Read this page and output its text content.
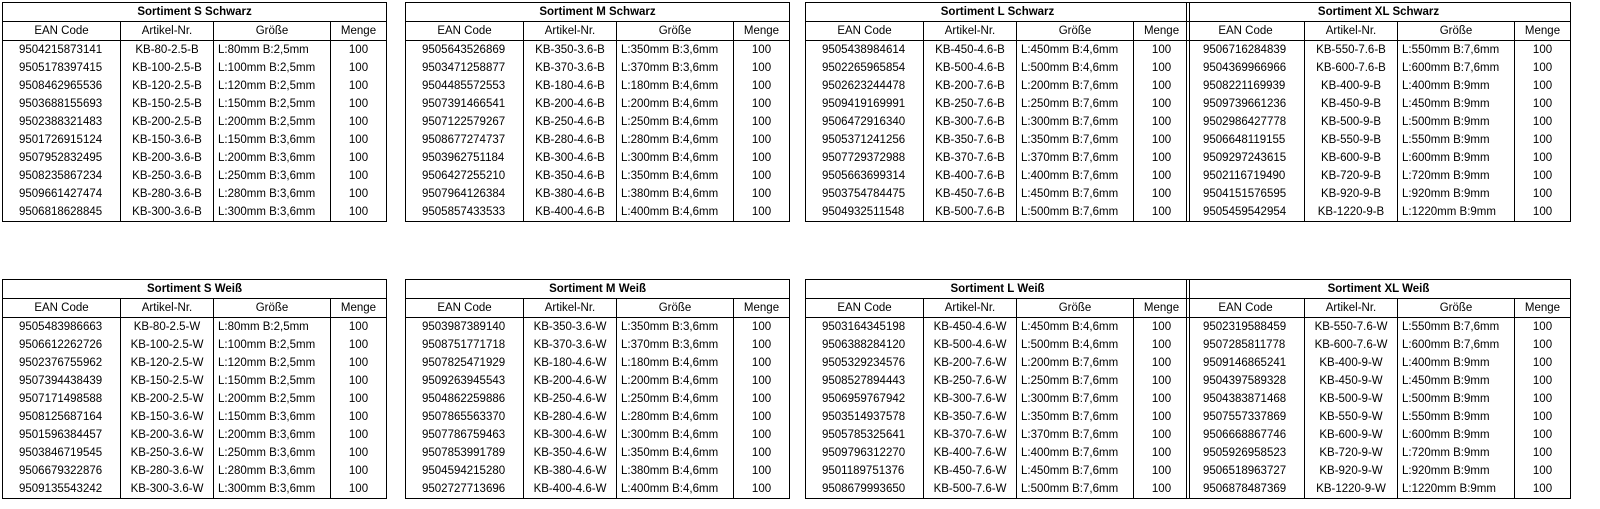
Sortiment S Schwarz			
EAN Code	Artikel-Nr.	Größe	Menge
9504215873141	KB-80-2.5-B	L:80mm B:2,5mm	100
9505178397415	KB-100-2.5-B	L:100mm B:2,5mm	100
9508462965536	KB-120-2.5-B	L:120mm B:2,5mm	100
9503688155693	KB-150-2.5-B	L:150mm B:2,5mm	100
9502388321483	KB-200-2.5-B	L:200mm B:2,5mm	100
9501726915124	KB-150-3.6-B	L:150mm B:3,6mm	100
9507952832495	KB-200-3.6-B	L:200mm B:3,6mm	100
9508235867234	KB-250-3.6-B	L:250mm B:3,6mm	100
9509661427474	KB-280-3.6-B	L:280mm B:3,6mm	100
9506818628845	KB-300-3.6-B	L:300mm B:3,6mm	100
Sortiment M Schwarz			
EAN Code	Artikel-Nr.	Größe	Menge
9505643526869	KB-350-3.6-B	L:350mm B:3,6mm	100
9503471258877	KB-370-3.6-B	L:370mm B:3,6mm	100
9504485572553	KB-180-4.6-B	L:180mm B:4,6mm	100
9507391466541	KB-200-4.6-B	L:200mm B:4,6mm	100
9507122579267	KB-250-4.6-B	L:250mm B:4,6mm	100
9508677274737	KB-280-4.6-B	L:280mm B:4,6mm	100
9503962751184	KB-300-4.6-B	L:300mm B:4,6mm	100
9506427255210	KB-350-4.6-B	L:350mm B:4,6mm	100
9507964126384	KB-380-4.6-B	L:380mm B:4,6mm	100
9505857433533	KB-400-4.6-B	L:400mm B:4,6mm	100
Sortiment L Schwarz			
EAN Code	Artikel-Nr.	Größe	Menge
9505438984614	KB-450-4.6-B	L:450mm B:4,6mm	100
9502265965854	KB-500-4.6-B	L:500mm B:4,6mm	100
9502623244478	KB-200-7.6-B	L:200mm B:7,6mm	100
9509419169991	KB-250-7.6-B	L:250mm B:7,6mm	100
9506472916340	KB-300-7.6-B	L:300mm B:7,6mm	100
9505371241256	KB-350-7.6-B	L:350mm B:7,6mm	100
9507729372988	KB-370-7.6-B	L:370mm B:7,6mm	100
9505663699314	KB-400-7.6-B	L:400mm B:7,6mm	100
9503754784475	KB-450-7.6-B	L:450mm B:7,6mm	100
9504932511548	KB-500-7.6-B	L:500mm B:7,6mm	100
Sortiment XL Schwarz			
EAN Code	Artikel-Nr.	Größe	Menge
9506716284839	KB-550-7.6-B	L:550mm B:7,6mm	100
9504369966966	KB-600-7.6-B	L:600mm B:7,6mm	100
9508221169939	KB-400-9-B	L:400mm B:9mm	100
9509739661236	KB-450-9-B	L:450mm B:9mm	100
9502986427778	KB-500-9-B	L:500mm B:9mm	100
9506648119155	KB-550-9-B	L:550mm B:9mm	100
9509297243615	KB-600-9-B	L:600mm B:9mm	100
9502116719490	KB-720-9-B	L:720mm B:9mm	100
9504151576595	KB-920-9-B	L:920mm B:9mm	100
9505459542954	KB-1220-9-B	L:1220mm B:9mm	100
Sortiment S Weiß			
EAN Code	Artikel-Nr.	Größe	Menge
9505483986663	KB-80-2.5-W	L:80mm B:2,5mm	100
9506612262726	KB-100-2.5-W	L:100mm B:2,5mm	100
9502376755962	KB-120-2.5-W	L:120mm B:2,5mm	100
9507394438439	KB-150-2.5-W	L:150mm B:2,5mm	100
9507171498588	KB-200-2.5-W	L:200mm B:2,5mm	100
9508125687164	KB-150-3.6-W	L:150mm B:3,6mm	100
9501596384457	KB-200-3.6-W	L:200mm B:3,6mm	100
9503846719545	KB-250-3.6-W	L:250mm B:3,6mm	100
9506679322876	KB-280-3.6-W	L:280mm B:3,6mm	100
9509135543242	KB-300-3.6-W	L:300mm B:3,6mm	100
Sortiment M Weiß			
EAN Code	Artikel-Nr.	Größe	Menge
9503987389140	KB-350-3.6-W	L:350mm B:3,6mm	100
9508751771718	KB-370-3.6-W	L:370mm B:3,6mm	100
9507825471929	KB-180-4.6-W	L:180mm B:4,6mm	100
9509263945543	KB-200-4.6-W	L:200mm B:4,6mm	100
9504862259886	KB-250-4.6-W	L:250mm B:4,6mm	100
9507865563370	KB-280-4.6-W	L:280mm B:4,6mm	100
9507786759463	KB-300-4.6-W	L:300mm B:4,6mm	100
9507853991789	KB-350-4.6-W	L:350mm B:4,6mm	100
9504594215280	KB-380-4.6-W	L:380mm B:4,6mm	100
9502727713696	KB-400-4.6-W	L:400mm B:4,6mm	100
Sortiment L Weiß			
EAN Code	Artikel-Nr.	Größe	Menge
9503164345198	KB-450-4.6-W	L:450mm B:4,6mm	100
9506388284120	KB-500-4.6-W	L:500mm B:4,6mm	100
9505329234576	KB-200-7.6-W	L:200mm B:7,6mm	100
9508527894443	KB-250-7.6-W	L:250mm B:7,6mm	100
9506959767942	KB-300-7.6-W	L:300mm B:7,6mm	100
9503514937578	KB-350-7.6-W	L:350mm B:7,6mm	100
9505785325641	KB-370-7.6-W	L:370mm B:7,6mm	100
9509796312270	KB-400-7.6-W	L:400mm B:7,6mm	100
9501189751376	KB-450-7.6-W	L:450mm B:7,6mm	100
9508679993650	KB-500-7.6-W	L:500mm B:7,6mm	100
Sortiment XL Weiß			
EAN Code	Artikel-Nr.	Größe	Menge
9502319588459	KB-550-7.6-W	L:550mm B:7,6mm	100
9507285811778	KB-600-7.6-W	L:600mm B:7,6mm	100
9509146865241	KB-400-9-W	L:400mm B:9mm	100
9504397589328	KB-450-9-W	L:450mm B:9mm	100
9504383871468	KB-500-9-W	L:500mm B:9mm	100
9507557337869	KB-550-9-W	L:550mm B:9mm	100
9506668867746	KB-600-9-W	L:600mm B:9mm	100
9505926958523	KB-720-9-W	L:720mm B:9mm	100
9506518963727	KB-920-9-W	L:920mm B:9mm	100
9506878487369	KB-1220-9-W	L:1220mm B:9mm	100
